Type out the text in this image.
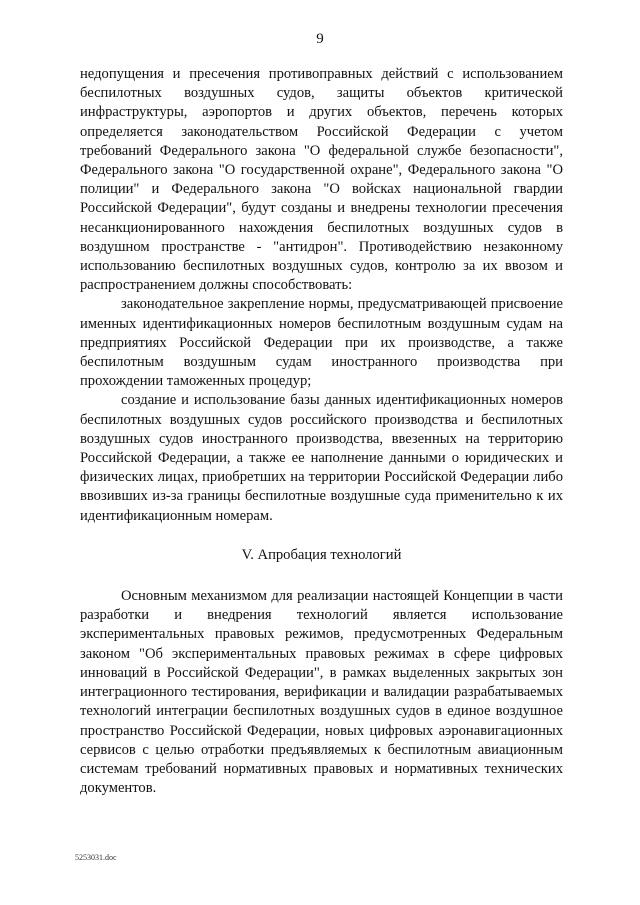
9

недопущения и пресечения противоправных действий с использованием беспилотных воздушных судов, защиты объектов критической инфраструктуры, аэропортов и других объектов, перечень которых определяется законодательством Российской Федерации с учетом требований Федерального закона "О федеральной службе безопасности", Федерального закона "О государственной охране", Федерального закона "О полиции" и Федерального закона "О войсках национальной гвардии Российской Федерации", будут созданы и внедрены технологии пресечения несанкционированного нахождения беспилотных воздушных судов в воздушном пространстве - "антидрон". Противодействию незаконному использованию беспилотных воздушных судов, контролю за их ввозом и распространением должны способствовать:

законодательное закрепление нормы, предусматривающей присвоение именных идентификационных номеров беспилотным воздушным судам на предприятиях Российской Федерации при их производстве, а также беспилотным воздушным судам иностранного производства при прохождении таможенных процедур;

создание и использование базы данных идентификационных номеров беспилотных воздушных судов российского производства и беспилотных воздушных судов иностранного производства, ввезенных на территорию Российской Федерации, а также ее наполнение данными о юридических и физических лицах, приобретших на территории Российской Федерации либо ввозивших из-за границы беспилотные воздушные суда применительно к их идентификационным номерам.

V. Апробация технологий

Основным механизмом для реализации настоящей Концепции в части разработки и внедрения технологий является использование экспериментальных правовых режимов, предусмотренных Федеральным законом "Об экспериментальных правовых режимах в сфере цифровых инноваций в Российской Федерации", в рамках выделенных закрытых зон интеграционного тестирования, верификации и валидации разрабатываемых технологий интеграции беспилотных воздушных судов в единое воздушное пространство Российской Федерации, новых цифровых аэронавигационных сервисов с целью отработки предъявляемых к беспилотным авиационным системам требований нормативных правовых и нормативных технических документов.

5253031.doc
